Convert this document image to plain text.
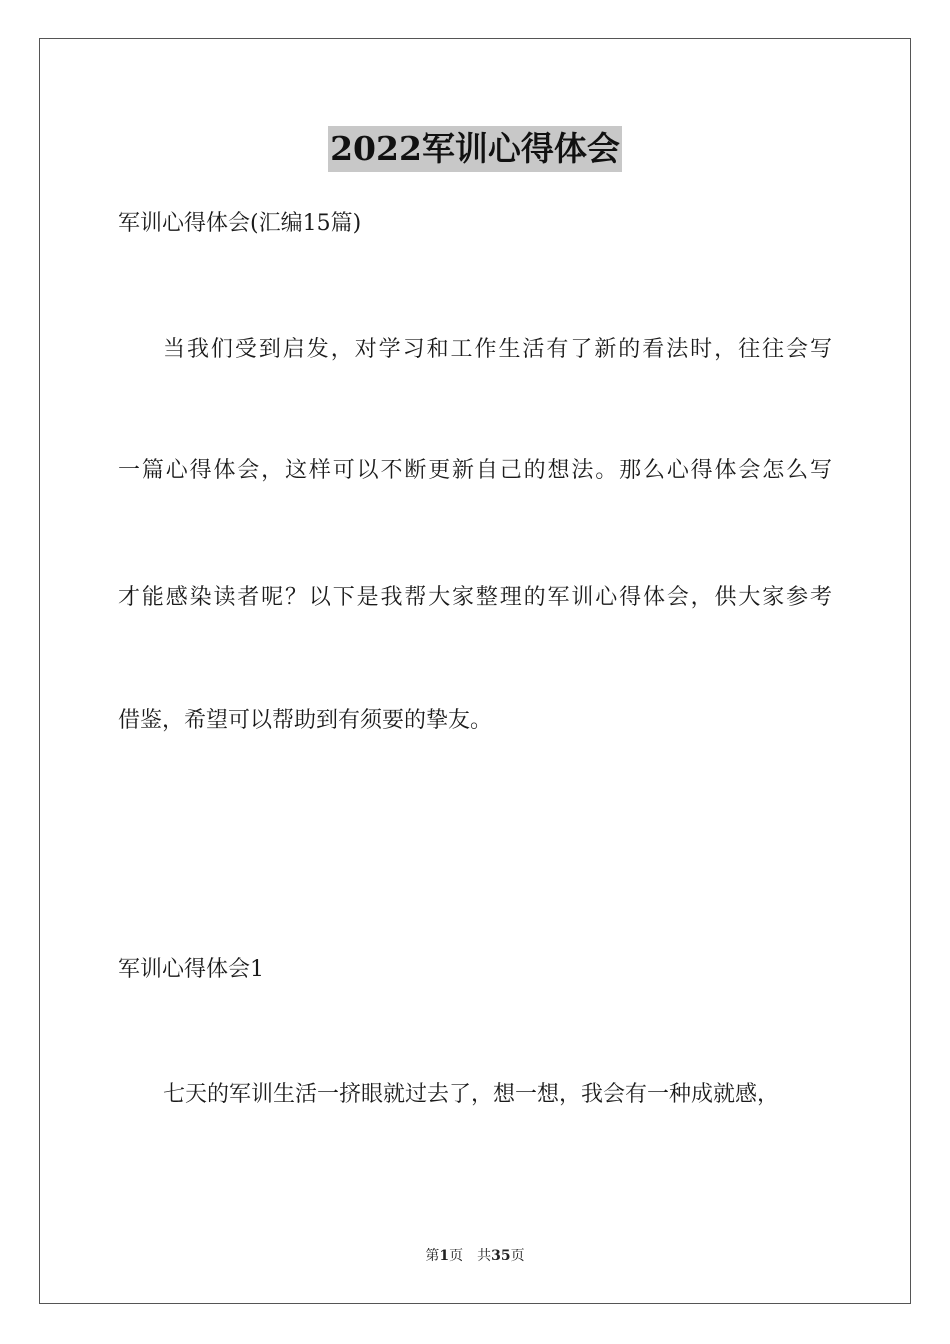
2022军训心得体会
军训心得体会(汇编15篇)
当我们受到启发，对学习和工作生活有了新的看法时，往往会写
一篇心得体会，这样可以不断更新自己的想法。那么心得体会怎么写
才能感染读者呢？以下是我帮大家整理的军训心得体会，供大家参考
借鉴，希望可以帮助到有须要的挚友。
军训心得体会1
七天的军训生活一挤眼就过去了，想一想，我会有一种成就感，
第1页 共35页
